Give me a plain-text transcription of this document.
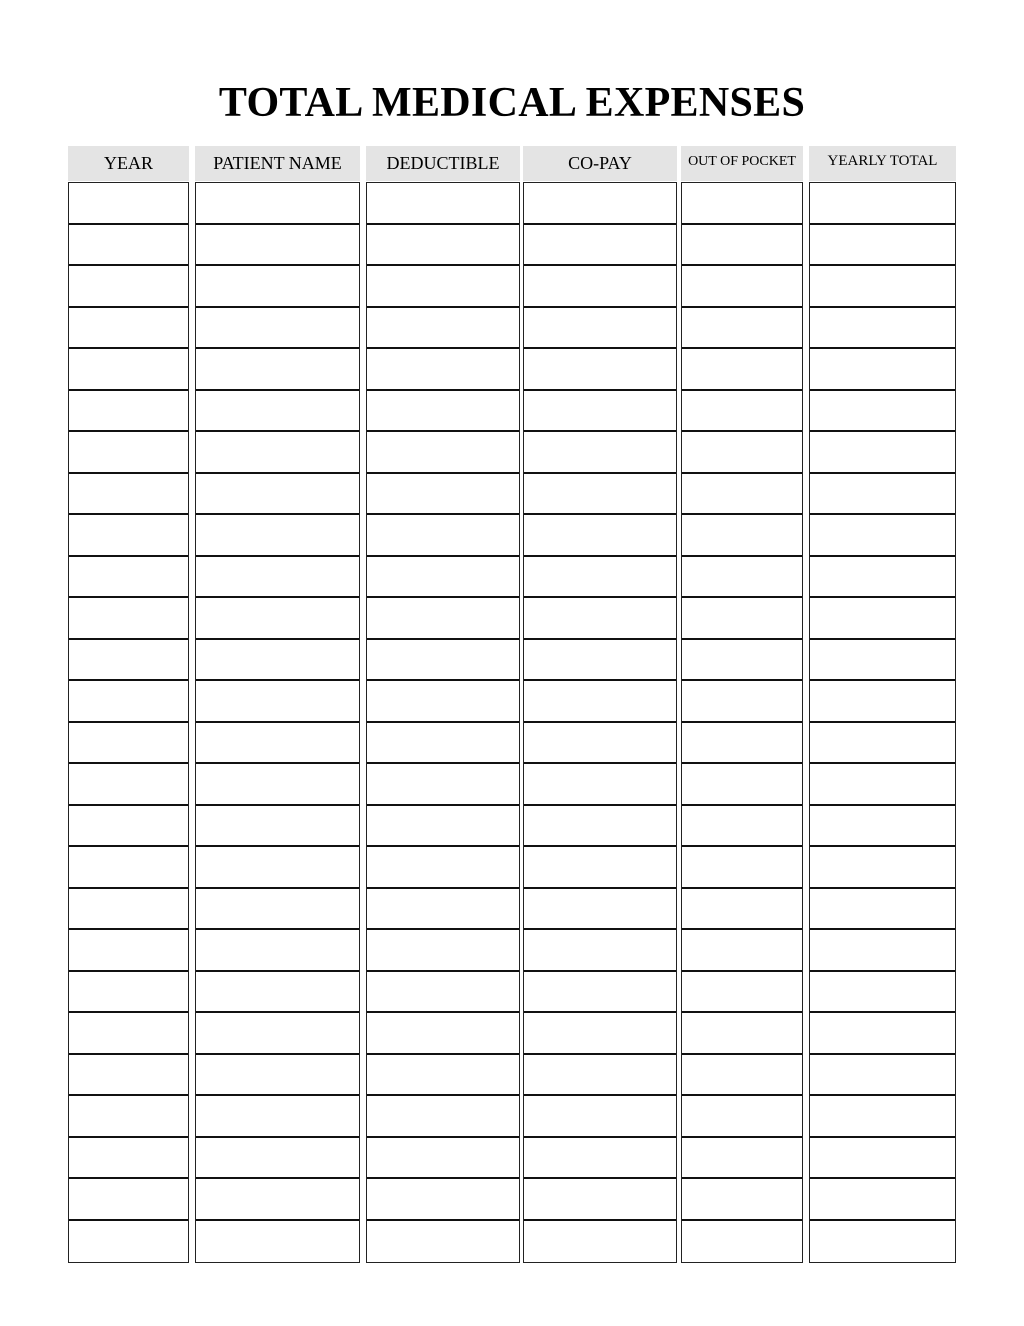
TOTAL MEDICAL EXPENSES
YEAR	PATIENT NAME	DEDUCTIBLE	CO-PAY	OUT OF POCKET	YEARLY TOTAL
